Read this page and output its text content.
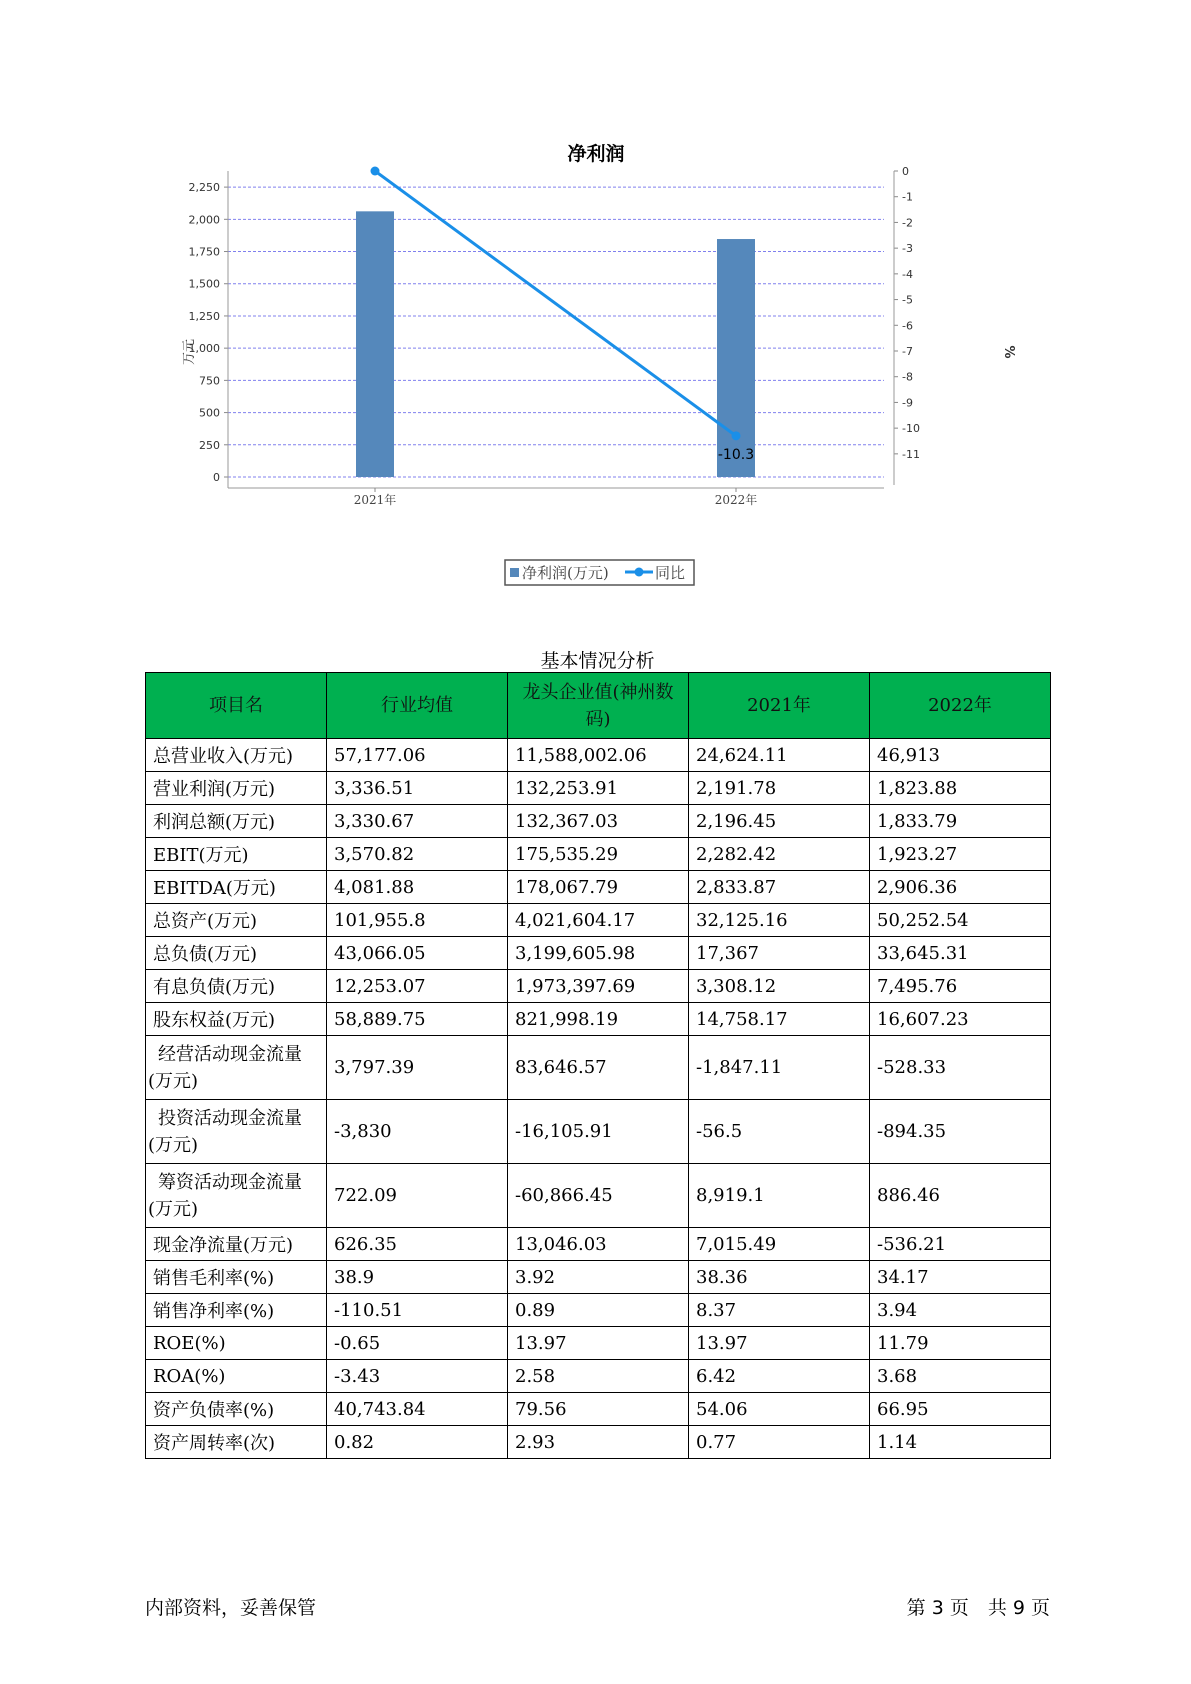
净利润
0
250
500
750
1,000
1,250
1,500
1,750
2,000
2,250
0
-1
-2
-3
-4
-5
-6
-7
-8
-9
-10
-11
2021年	2022年
-10.3
万元	%
净利润(万元)	同比
基本情况分析
项目名	行业均值	龙头企业值(神州数码)	2021年	2022年
总营业收入(万元)	57,177.06	11,588,002.06	24,624.11	46,913
营业利润(万元)	3,336.51	132,253.91	2,191.78	1,823.88
利润总额(万元)	3,330.67	132,367.03	2,196.45	1,833.79
EBIT(万元)	3,570.82	175,535.29	2,282.42	1,923.27
EBITDA(万元)	4,081.88	178,067.79	2,833.87	2,906.36
总资产(万元)	101,955.8	4,021,604.17	32,125.16	50,252.54
总负债(万元)	43,066.05	3,199,605.98	17,367	33,645.31
有息负债(万元)	12,253.07	1,973,397.69	3,308.12	7,495.76
股东权益(万元)	58,889.75	821,998.19	14,758.17	16,607.23
经营活动现金流量(万元)	3,797.39	83,646.57	-1,847.11	-528.33
投资活动现金流量(万元)	-3,830	-16,105.91	-56.5	-894.35
筹资活动现金流量(万元)	722.09	-60,866.45	8,919.1	886.46
现金净流量(万元)	626.35	13,046.03	7,015.49	-536.21
销售毛利率(%)	38.9	3.92	38.36	34.17
销售净利率(%)	-110.51	0.89	8.37	3.94
ROE(%)	-0.65	13.97	13.97	11.79
ROA(%)	-3.43	2.58	6.42	3.68
资产负债率(%)	40,743.84	79.56	54.06	66.95
资产周转率(次)	0.82	2.93	0.77	1.14
内部资料，妥善保管	第 3 页　共 9 页
